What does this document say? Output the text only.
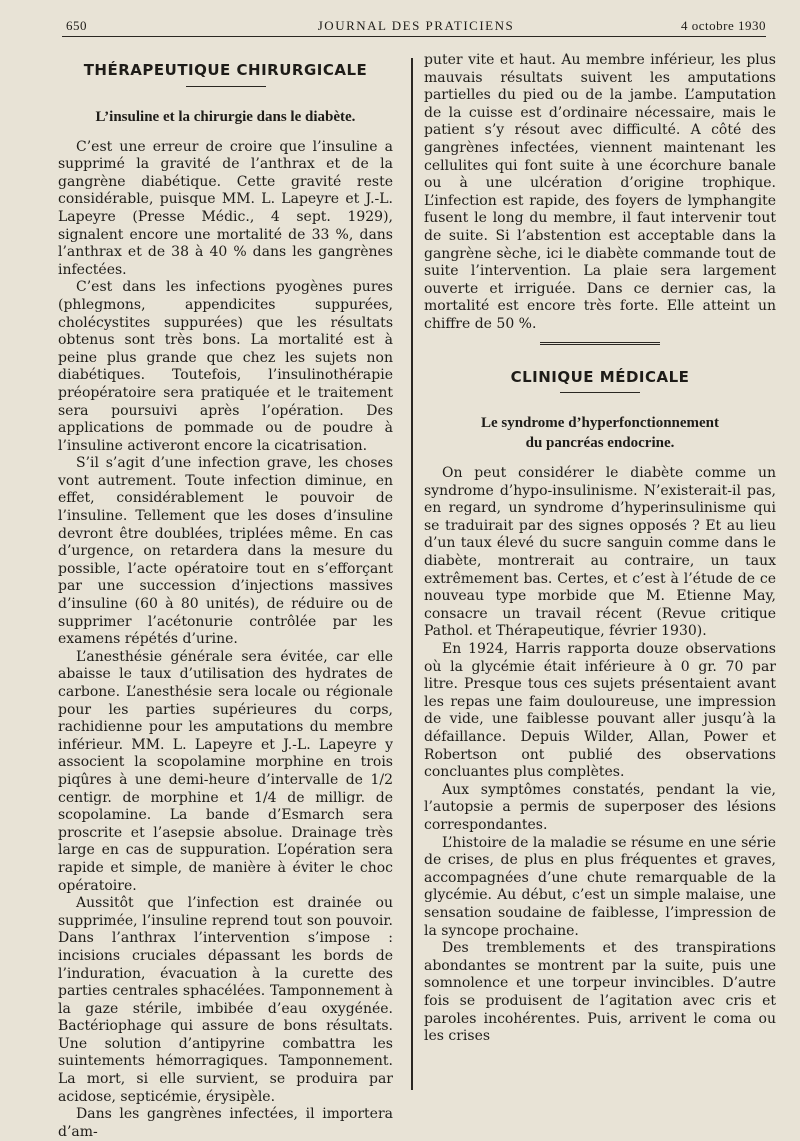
650	JOURNAL DES PRATICIENS	4 octobre 1930
THÉRAPEUTIQUE CHIRURGICALE
L’insuline et la chirurgie dans le diabète.

C’est une erreur de croire que l’insuline a supprimé la gravité de l’anthrax et de la gangrène diabétique. Cette gravité reste considérable, puisque MM. L. Lapeyre et J.-L. Lapeyre (Presse Médic., 4 sept. 1929), signalent encore une mortalité de 33 %, dans l’anthrax et de 38 à 40 % dans les gangrènes infectées.

C’est dans les infections pyogènes pures (phlegmons, appendicites suppurées, cholécystites suppurées) que les résultats obtenus sont très bons. La mortalité est à peine plus grande que chez les sujets non diabétiques. Toutefois, l’insulinothérapie préopératoire sera pratiquée et le traitement sera poursuivi après l’opération. Des applications de pommade ou de poudre à l’insuline activeront encore la cicatrisation.

S’il s’agit d’une infection grave, les choses vont autrement. Toute infection diminue, en effet, considérablement le pouvoir de l’insuline. Tellement que les doses d’insuline devront être doublées, triplées même. En cas d’urgence, on retardera dans la mesure du possible, l’acte opératoire tout en s’efforçant par une succession d’injections massives d’insuline (60 à 80 unités), de réduire ou de supprimer l’acétonurie contrôlée par les examens répétés d’urine.

L’anesthésie générale sera évitée, car elle abaisse le taux d’utilisation des hydrates de carbone. L’anesthésie sera locale ou régionale pour les parties supérieures du corps, rachidienne pour les amputations du membre inférieur. MM. L. Lapeyre et J.-L. Lapeyre y associent la scopolamine morphine en trois piqûres à une demi-heure d’intervalle de 1/2 centigr. de morphine et 1/4 de milligr. de scopolamine. La bande d’Esmarch sera proscrite et l’asepsie absolue. Drainage très large en cas de suppuration. L’opération sera rapide et simple, de manière à éviter le choc opératoire.

Aussitôt que l’infection est drainée ou supprimée, l’insuline reprend tout son pouvoir. Dans l’anthrax l’intervention s’impose : incisions cruciales dépassant les bords de l’induration, évacuation à la curette des parties centrales sphacélées. Tamponnement à la gaze stérile, imbibée d’eau oxygénée. Bactériophage qui assure de bons résultats. Une solution d’antipyrine combattra les suintements hémorragiques. Tamponnement. La mort, si elle survient, se produira par acidose, septicémie, érysipèle.

Dans les gangrènes infectées, il importera d’am-

puter vite et haut. Au membre inférieur, les plus mauvais résultats suivent les amputations partielles du pied ou de la jambe. L’amputation de la cuisse est d’ordinaire nécessaire, mais le patient s’y résout avec difficulté. A côté des gangrènes infectées, viennent maintenant les cellulites qui font suite à une écorchure banale ou à une ulcération d’origine trophique. L’infection est rapide, des foyers de lymphangite fusent le long du membre, il faut intervenir tout de suite. Si l’abstention est acceptable dans la gangrène sèche, ici le diabète commande tout de suite l’intervention. La plaie sera largement ouverte et irriguée. Dans ce dernier cas, la mortalité est encore très forte. Elle atteint un chiffre de 50 %.

CLINIQUE MÉDICALE
Le syndrome d’hyperfonctionnement
du pancréas endocrine.

On peut considérer le diabète comme un syndrome d’hypo-insulinisme. N’existerait-il pas, en regard, un syndrome d’hyperinsulinisme qui se traduirait par des signes opposés ? Et au lieu d’un taux élevé du sucre sanguin comme dans le diabète, montrerait au contraire, un taux extrêmement bas. Certes, et c’est à l’étude de ce nouveau type morbide que M. Etienne May, consacre un travail récent (Revue critique Pathol. et Thérapeutique, février 1930).

En 1924, Harris rapporta douze observations où la glycémie était inférieure à 0 gr. 70 par litre. Presque tous ces sujets présentaient avant les repas une faim douloureuse, une impression de vide, une faiblesse pouvant aller jusqu’à la défaillance. Depuis Wilder, Allan, Power et Robertson ont publié des observations concluantes plus complètes.

Aux symptômes constatés, pendant la vie, l’autopsie a permis de superposer des lésions correspondantes.

L’histoire de la maladie se résume en une série de crises, de plus en plus fréquentes et graves, accompagnées d’une chute remarquable de la glycémie. Au début, c’est un simple malaise, une sensation soudaine de faiblesse, l’impression de la syncope prochaine.

Des tremblements et des transpirations abondantes se montrent par la suite, puis une somnolence et une torpeur invincibles. D’autre fois se produisent de l’agitation avec cris et paroles incohérentes. Puis, arrivent le coma ou les crises
